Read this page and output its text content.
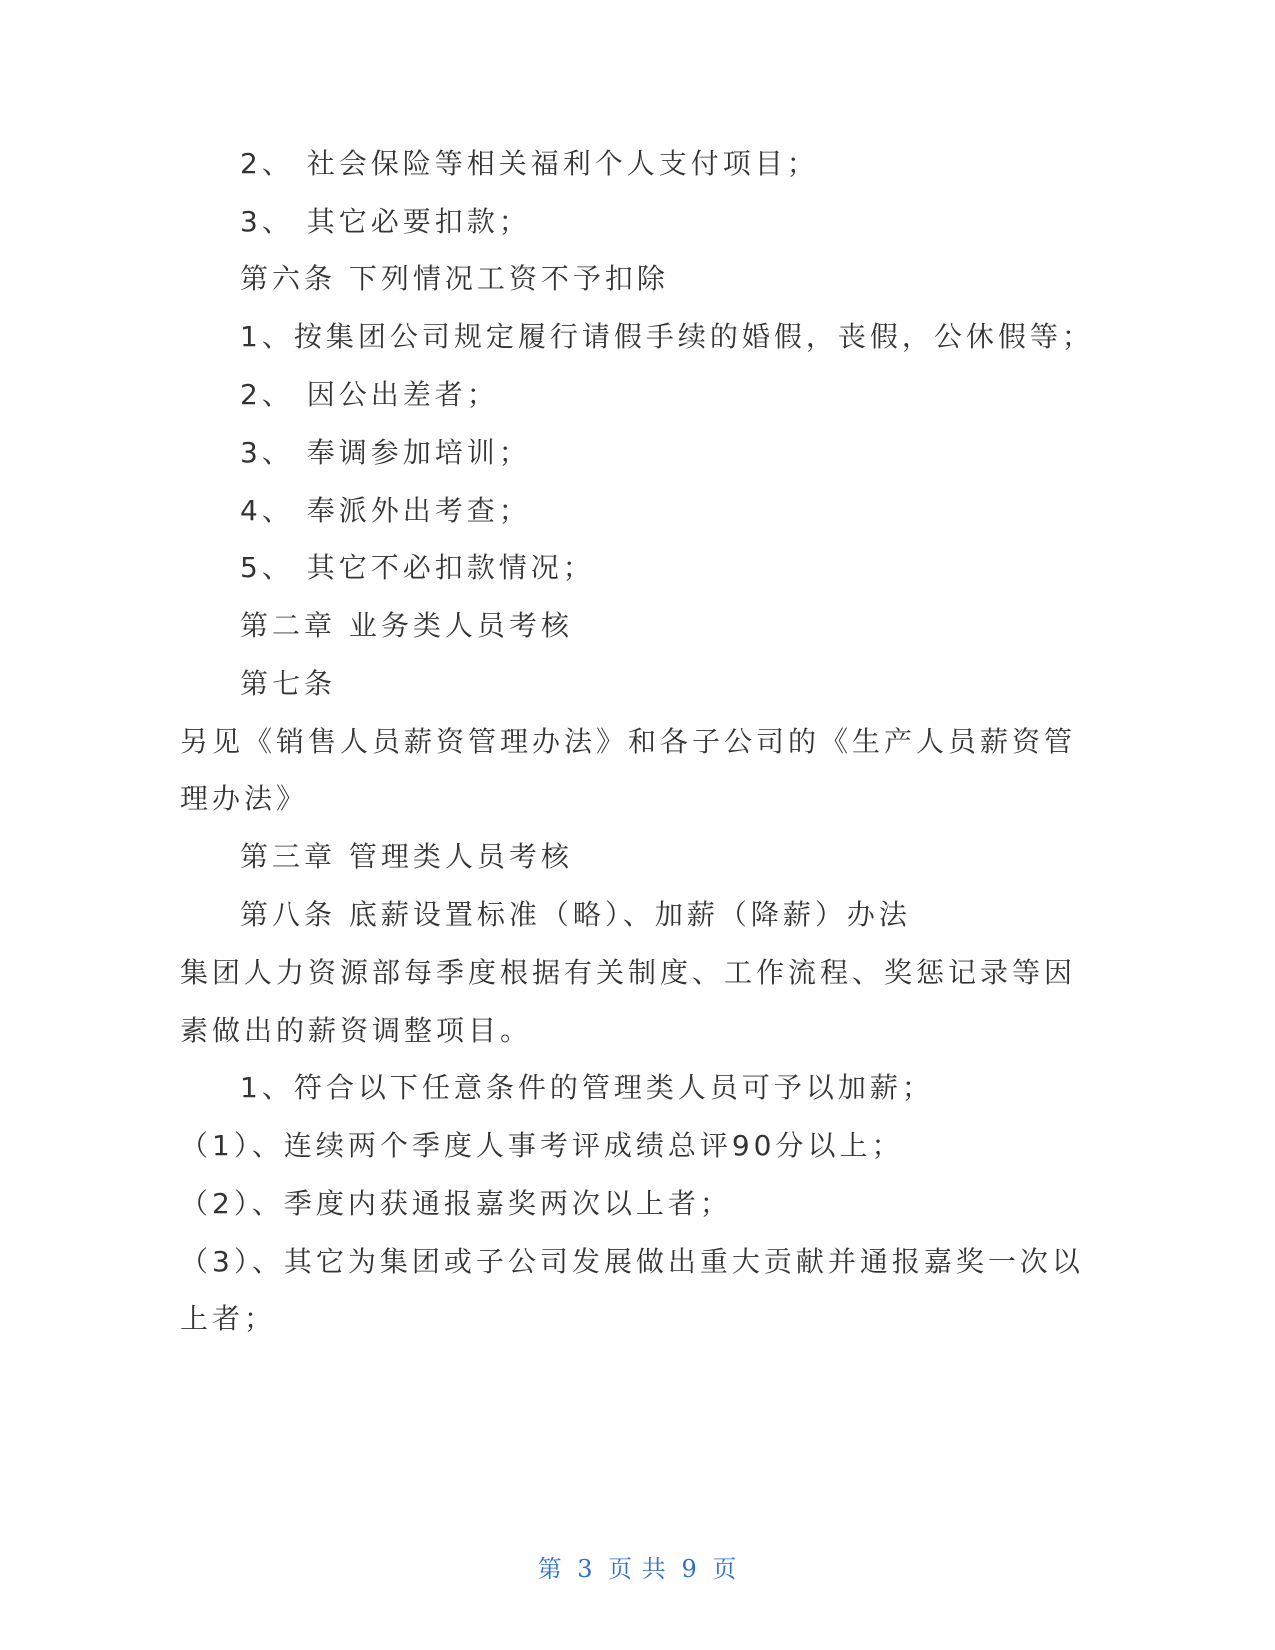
2、 社会保险等相关福利个人支付项目；
3、 其它必要扣款；
第六条 下列情况工资不予扣除
1、按集团公司规定履行请假手续的婚假，丧假，公休假等；
2、 因公出差者；
3、 奉调参加培训；
4、 奉派外出考查；
5、 其它不必扣款情况；
第二章 业务类人员考核
第七条
另见《销售人员薪资管理办法》和各子公司的《生产人员薪资管
理办法》
第三章 管理类人员考核
第八条 底薪设置标准（略）、加薪（降薪）办法
集团人力资源部每季度根据有关制度、工作流程、奖惩记录等因
素做出的薪资调整项目。
1、符合以下任意条件的管理类人员可予以加薪；
（1）、连续两个季度人事考评成绩总评90分以上；
（2）、季度内获通报嘉奖两次以上者；
（3）、其它为集团或子公司发展做出重大贡献并通报嘉奖一次以
上者；
第 3 页 共 9 页
